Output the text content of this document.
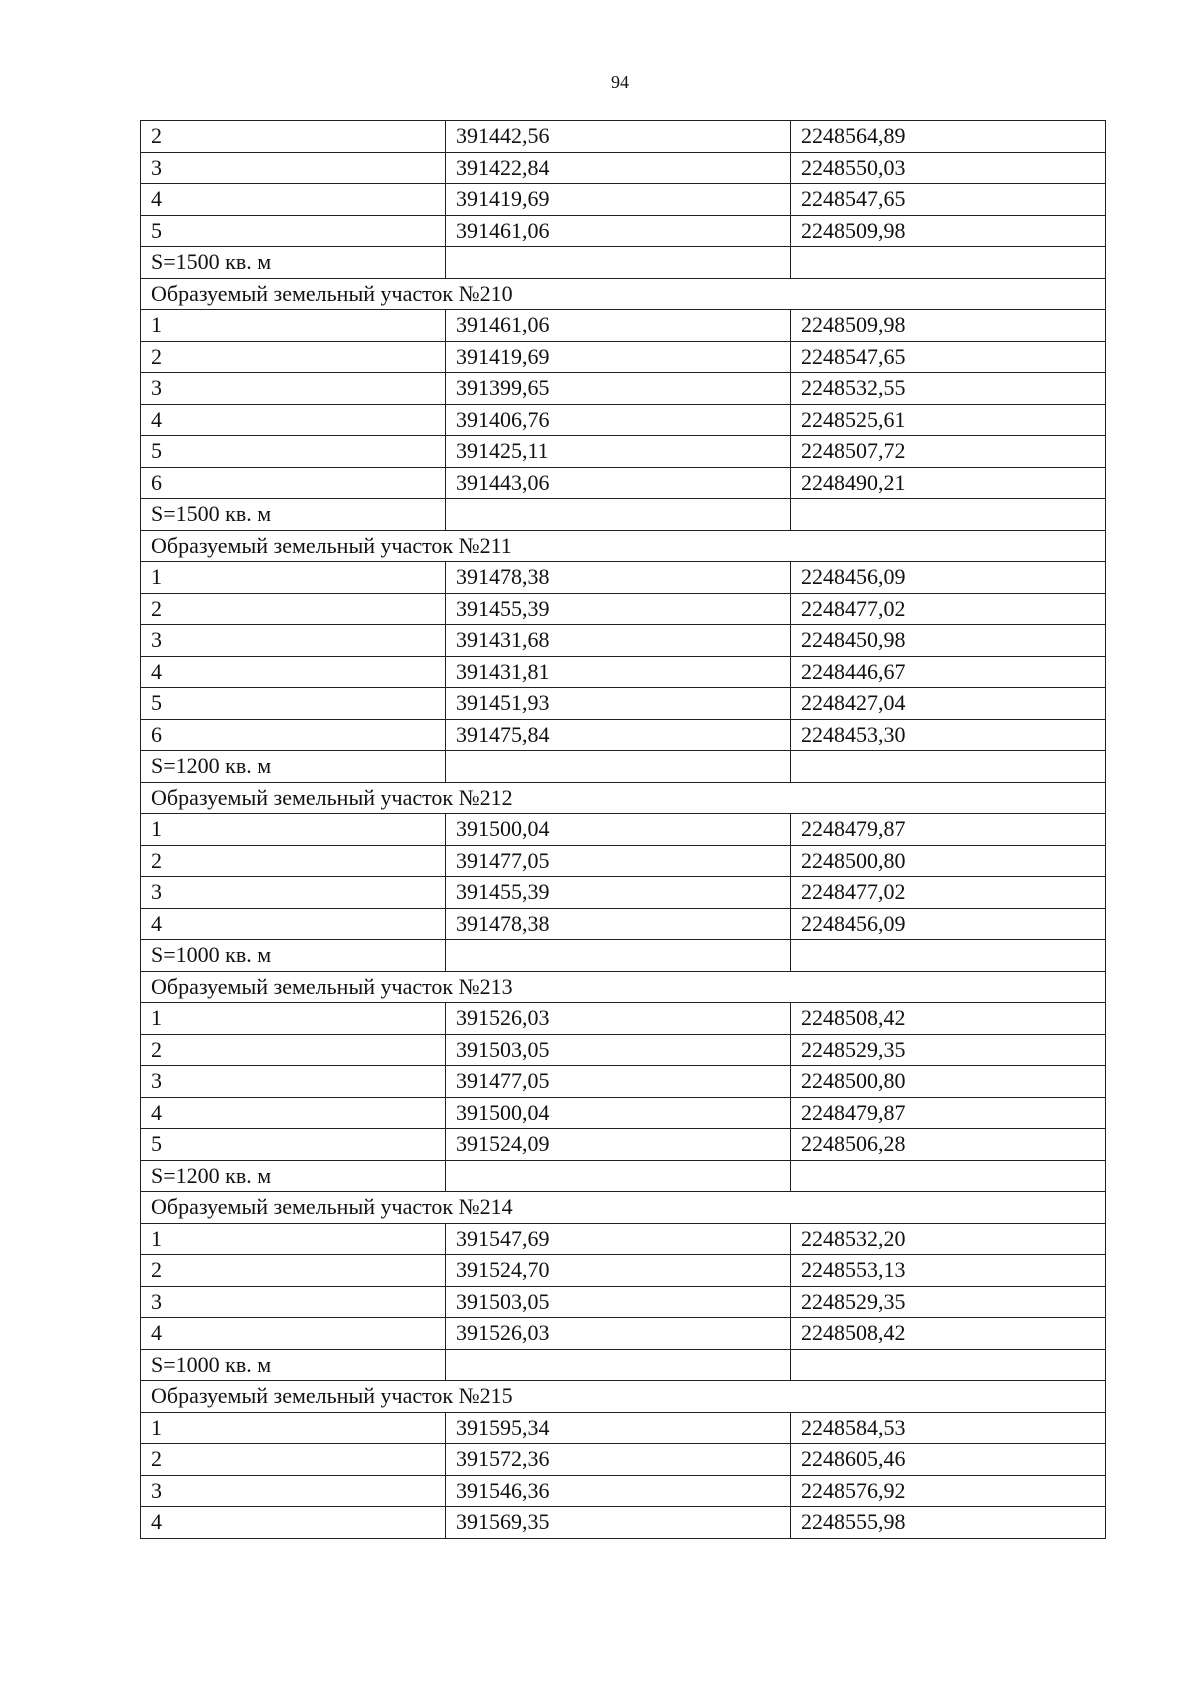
94
2	391442,56	2248564,89
3	391422,84	2248550,03
4	391419,69	2248547,65
5	391461,06	2248509,98
S=1500 кв. м		
Образуемый земельный участок №210		
1	391461,06	2248509,98
2	391419,69	2248547,65
3	391399,65	2248532,55
4	391406,76	2248525,61
5	391425,11	2248507,72
6	391443,06	2248490,21
S=1500 кв. м		
Образуемый земельный участок №211		
1	391478,38	2248456,09
2	391455,39	2248477,02
3	391431,68	2248450,98
4	391431,81	2248446,67
5	391451,93	2248427,04
6	391475,84	2248453,30
S=1200 кв. м		
Образуемый земельный участок №212		
1	391500,04	2248479,87
2	391477,05	2248500,80
3	391455,39	2248477,02
4	391478,38	2248456,09
S=1000 кв. м		
Образуемый земельный участок №213		
1	391526,03	2248508,42
2	391503,05	2248529,35
3	391477,05	2248500,80
4	391500,04	2248479,87
5	391524,09	2248506,28
S=1200 кв. м		
Образуемый земельный участок №214		
1	391547,69	2248532,20
2	391524,70	2248553,13
3	391503,05	2248529,35
4	391526,03	2248508,42
S=1000 кв. м		
Образуемый земельный участок №215		
1	391595,34	2248584,53
2	391572,36	2248605,46
3	391546,36	2248576,92
4	391569,35	2248555,98
